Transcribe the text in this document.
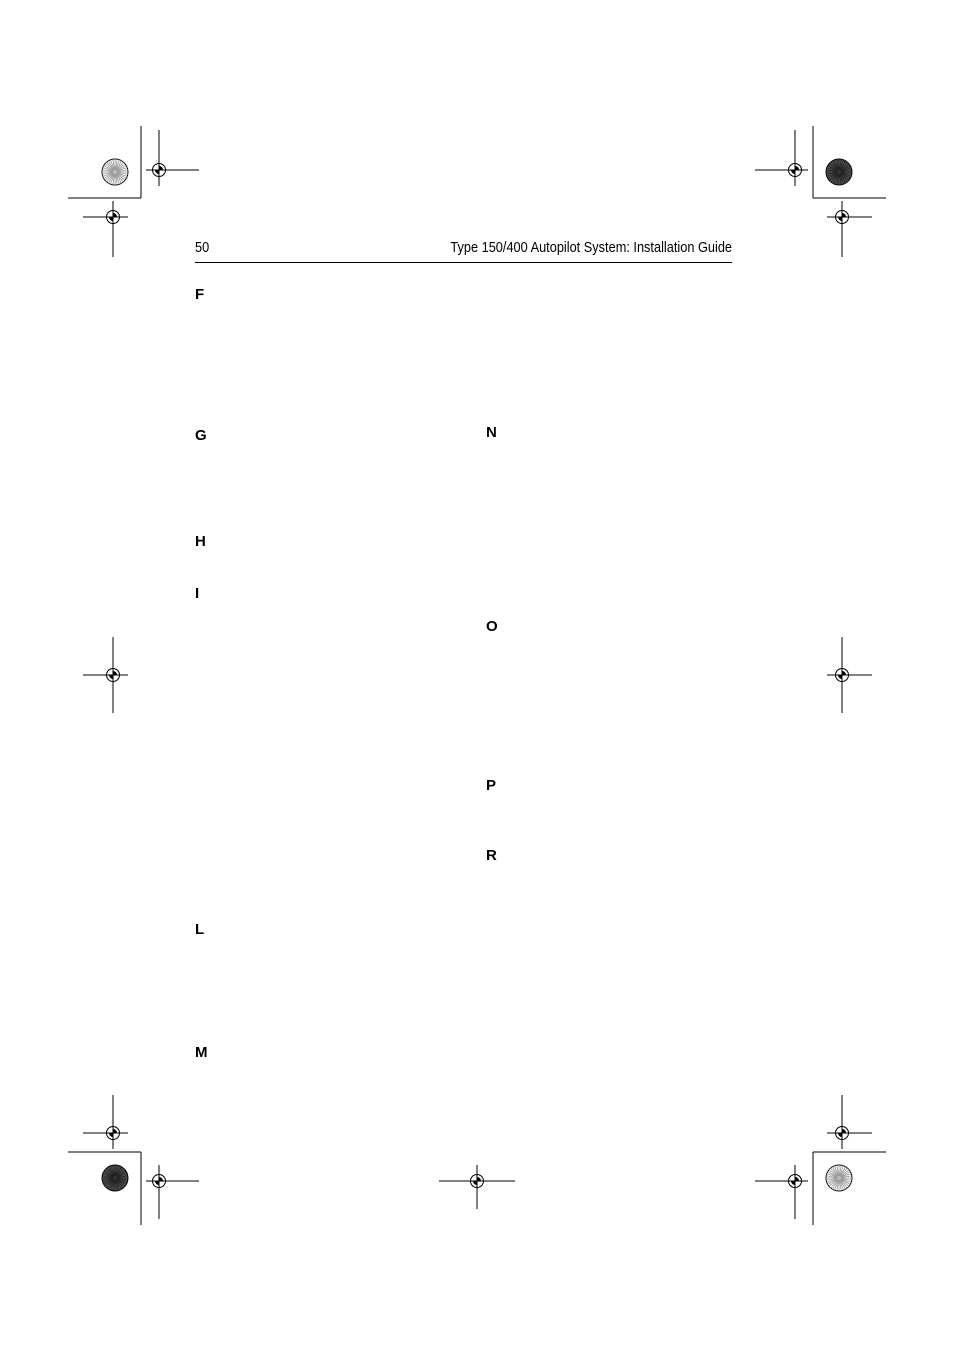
50	Type 150/400 Autopilot System: Installation Guide
F
G
H
I
L
M
N
O
P
R
